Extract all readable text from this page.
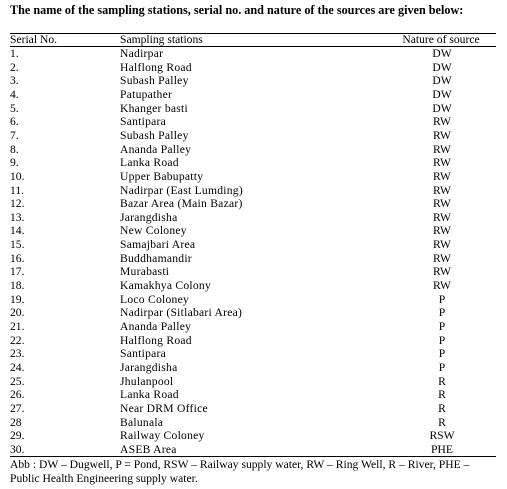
The name of the sampling stations, serial no. and nature of the sources are given below:
Serial No.	Sampling stations	Nature of source
1.	Nadirpar	DW
2.	Halflong Road	DW
3.	Subash Palley	DW
4.	Patupather	DW
5.	Khanger basti	DW
6.	Santipara	RW
7.	Subash Palley	RW
8.	Ananda Palley	RW
9.	Lanka Road	RW
10.	Upper Babupatty	RW
11.	Nadirpar (East Lumding)	RW
12.	Bazar Area (Main Bazar)	RW
13.	Jarangdisha	RW
14.	New Coloney	RW
15.	Samajbari Area	RW
16.	Buddhamandir	RW
17.	Murabasti	RW
18.	Kamakhya Colony	RW
19.	Loco Coloney	P
20.	Nadirpar (Sitlabari Area)	P
21.	Ananda Palley	P
22.	Halflong Road	P
23.	Santipara	P
24.	Jarangdisha	P
25.	Jhulanpool	R
26.	Lanka Road	R
27.	Near DRM Office	R
28	Balunala	R
29.	Railway Coloney	RSW
30.	ASEB Area	PHE
Abb : DW – Dugwell, P = Pond, RSW – Railway supply water, RW – Ring Well, R – River, PHE – Public Health Engineering supply water.
